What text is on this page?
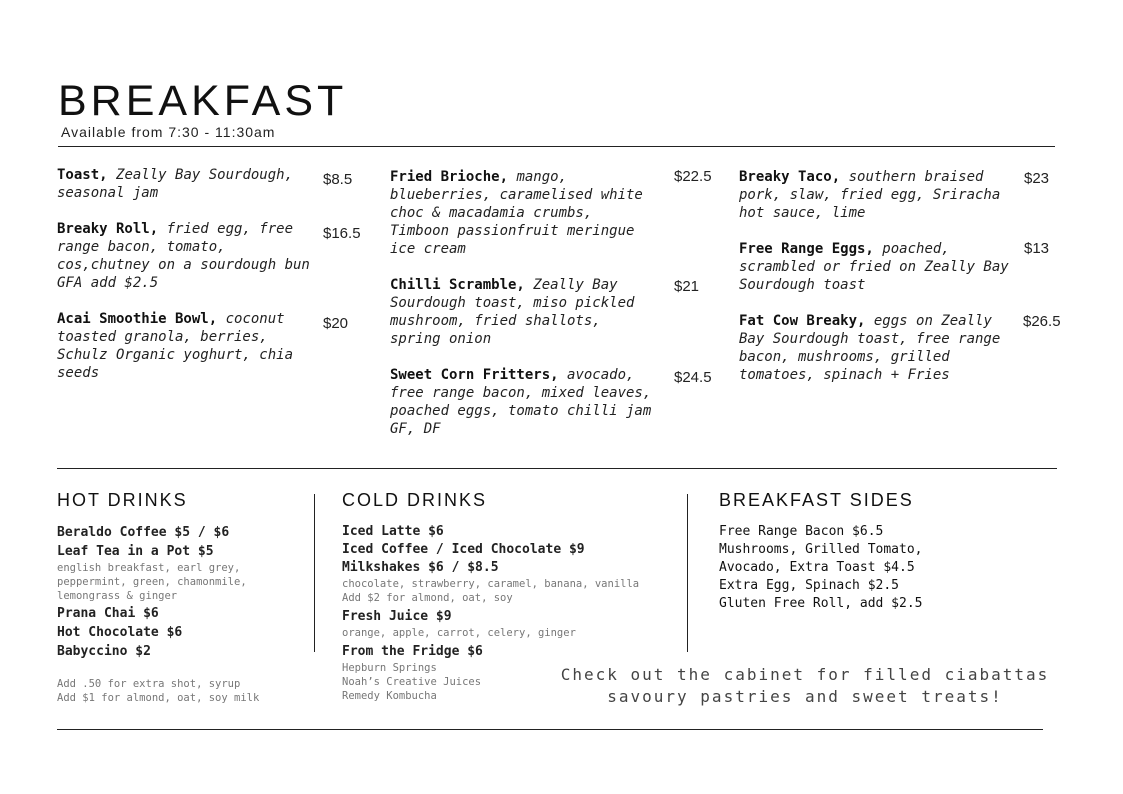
BREAKFAST
Available from 7:30 - 11:30am
Toast, Zeally Bay Sourdough, seasonal jam
$8.5
Breaky Roll, fried egg, free range bacon, tomato, cos,chutney on a sourdough bun GFA add $2.5
$16.5
Acai Smoothie Bowl, coconut toasted granola, berries, Schulz Organic yoghurt, chia seeds
$20
Fried Brioche, mango, blueberries, caramelised white choc & macadamia crumbs, Timboon passionfruit meringue ice cream
$22.5
Chilli Scramble, Zeally Bay Sourdough toast, miso pickled mushroom, fried shallots, spring onion
$21
Sweet Corn Fritters, avocado, free range bacon, mixed leaves, poached eggs, tomato chilli jam GF, DF
$24.5
Breaky Taco, southern braised pork, slaw, fried egg, Sriracha hot sauce, lime
$23
Free Range Eggs, poached, scrambled or fried on Zeally Bay Sourdough toast
$13
Fat Cow Breaky, eggs on Zeally Bay Sourdough toast, free range bacon, mushrooms, grilled tomatoes, spinach + Fries
$26.5
HOT DRINKS
Beraldo Coffee $5 / $6
Leaf Tea in a Pot $5
english breakfast, earl grey, peppermint, green, chamonmile, lemongrass & ginger
Prana Chai $6
Hot Chocolate $6
Babyccino $2
Add .50 for extra shot, syrup
Add $1 for almond, oat, soy milk
COLD DRINKS
Iced Latte $6
Iced Coffee / Iced Chocolate $9
Milkshakes $6 / $8.5
chocolate, strawberry, caramel, banana, vanilla
Add $2 for almond, oat, soy
Fresh Juice $9
orange, apple, carrot, celery, ginger
From the Fridge $6
Hepburn Springs
Noah’s Creative Juices
Remedy Kombucha
BREAKFAST SIDES
Free Range Bacon $6.5
Mushrooms, Grilled Tomato,
Avocado, Extra Toast $4.5
Extra Egg, Spinach $2.5
Gluten Free Roll, add $2.5
Check out the cabinet for filled ciabattas
savoury pastries and sweet treats!
